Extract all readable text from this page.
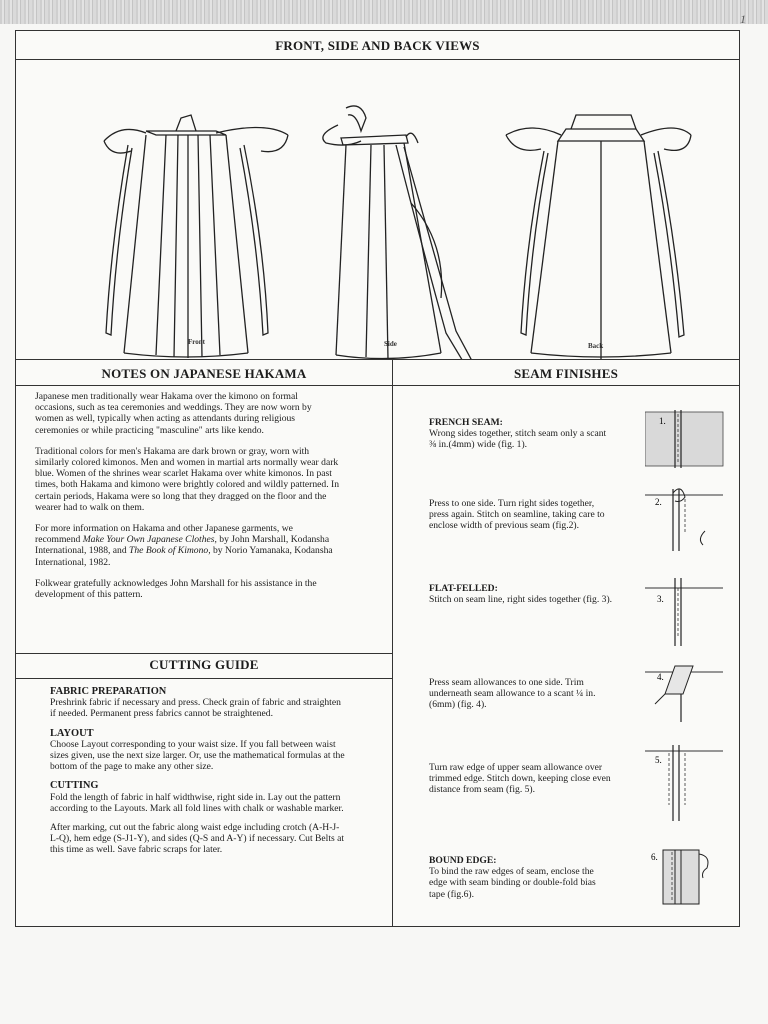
1
FRONT, SIDE AND BACK VIEWS
Front	Side	Back
NOTES ON JAPANESE HAKAMA	SEAM FINISHES
CUTTING GUIDE

Japanese men traditionally wear Hakama over the kimono on formal occasions, such as tea ceremonies and weddings. They are now worn by women as well, typically when acting as attendants during religious ceremonies or while practicing "masculine" arts like kendo.

Traditional colors for men's Hakama are dark brown or gray, worn with similarly colored kimonos. Men and women in martial arts normally wear dark blue. Women of the shrines wear scarlet Hakama over white kimonos. In past times, both Hakama and kimono were brightly colored and wildly patterned. In certain periods, Hakama were so long that they dragged on the floor and the wearer had to walk on them.

For more information on Hakama and other Japanese garments, we recommend Make Your Own Japanese Clothes, by John Marshall, Kodansha International, 1988, and The Book of Kimono, by Norio Yamanaka, Kodansha International, 1982.

Folkwear gratefully acknowledges John Marshall for his assistance in the development of this pattern.

FABRIC PREPARATION

Preshrink fabric if necessary and press. Check grain of fabric and straighten if needed. Permanent press fabrics cannot be straightened.

LAYOUT

Choose Layout corresponding to your waist size. If you fall between waist sizes given, use the next size larger. Or, use the mathematical formulas at the bottom of the page to make any other size.

CUTTING

Fold the length of fabric in half widthwise, right side in. Lay out the pattern according to the Layouts. Mark all fold lines with chalk or washable marker.

After marking, cut out the fabric along waist edge including crotch (A-H-J-L-Q), hem edge (S-J1-Y), and sides (Q-S and A-Y) if necessary. Cut Belts at this time as well. Save fabric scraps for later.

FRENCH SEAM:
Wrong sides together, stitch seam only a scant ⅜ in.(4mm) wide (fig. 1).
Press to one side. Turn right sides together, press again. Stitch on seamline, taking care to enclose width of previous seam (fig.2).
FLAT-FELLED:
Stitch on seam line, right sides together (fig. 3).
Press seam allowances to one side. Trim underneath seam allowance to a scant ¼ in.(6mm) (fig. 4).
Turn raw edge of upper seam allowance over trimmed edge. Stitch down, keeping close even distance from seam (fig. 5).
BOUND EDGE:
To bind the raw edges of seam, enclose the edge with seam binding or double-fold bias tape (fig.6).
1.
2.
3.
4.
5.
6.
